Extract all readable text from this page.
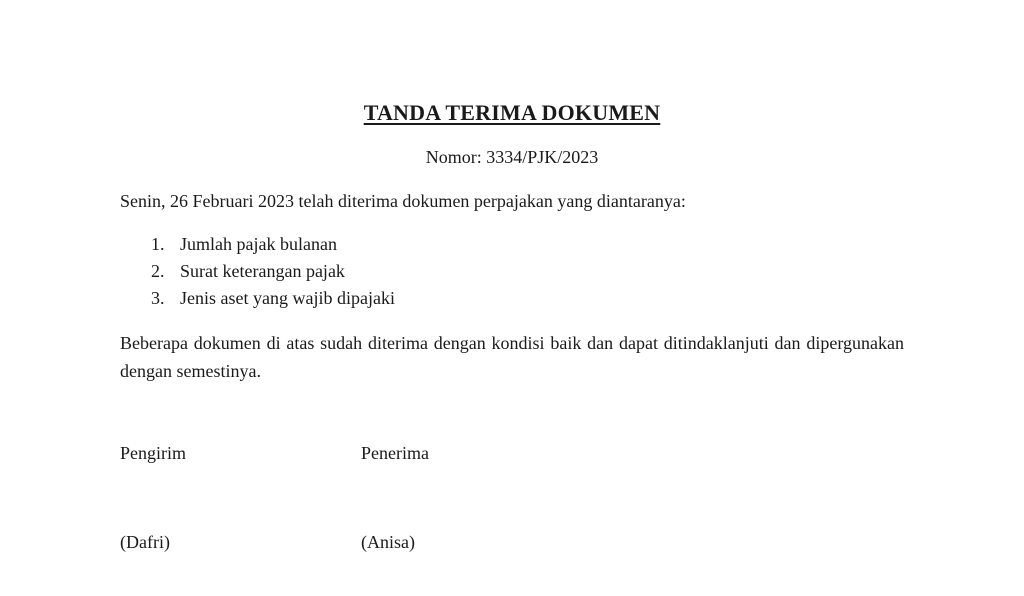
TANDA TERIMA DOKUMEN
Nomor: 3334/PJK/2023
Senin, 26 Februari 2023 telah diterima dokumen perpajakan yang diantaranya:
1. Jumlah pajak bulanan
2. Surat keterangan pajak
3. Jenis aset yang wajib dipajaki
Beberapa dokumen di atas sudah diterima dengan kondisi baik dan dapat ditindaklanjuti dan dipergunakan dengan semestinya.
Pengirim	Penerima
(Dafri)	(Anisa)
